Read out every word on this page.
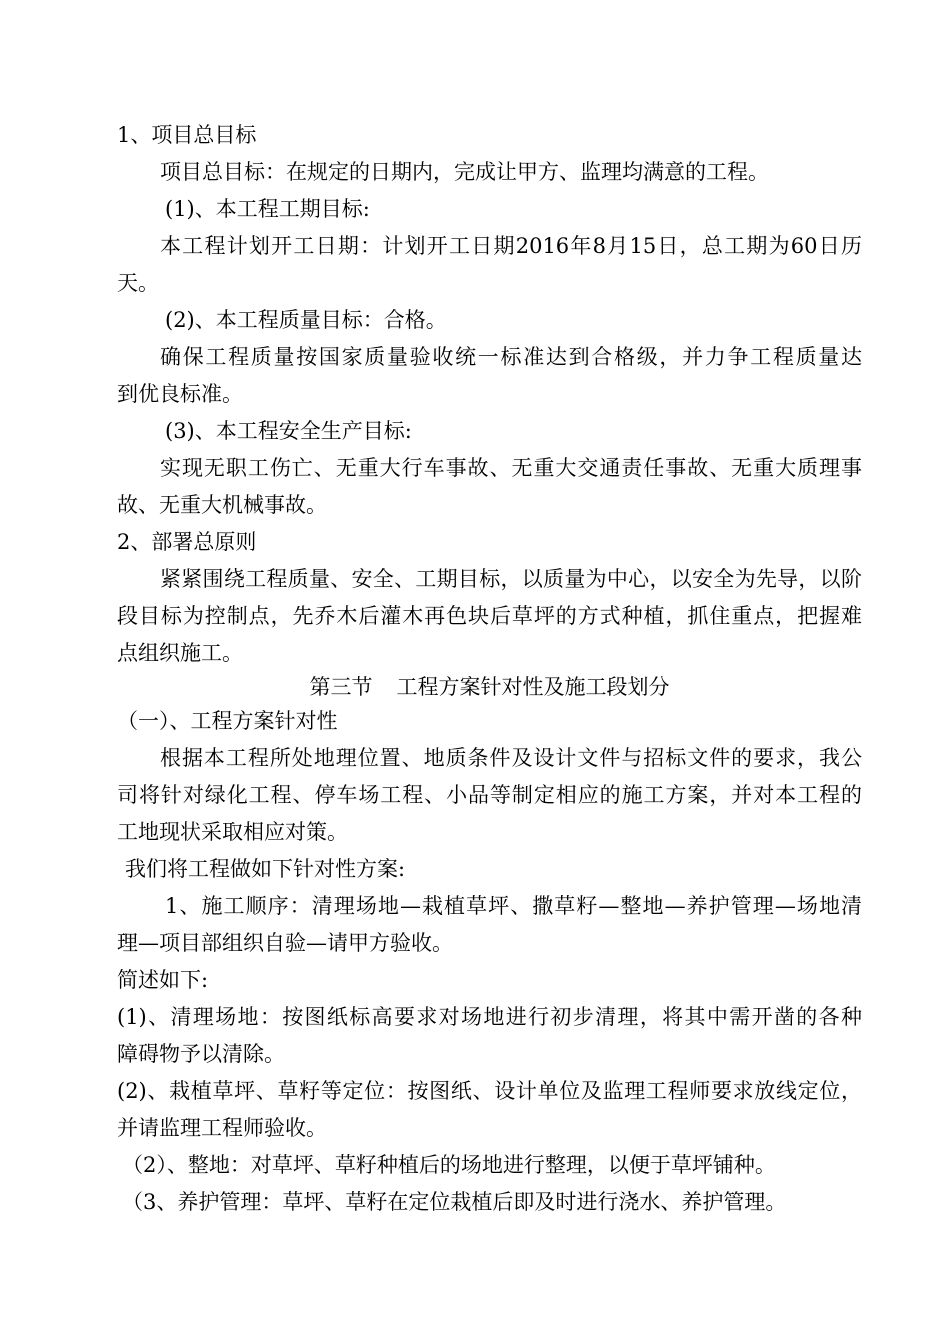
1、项目总目标
项目总目标：在规定的日期内，完成让甲方、监理均满意的工程。
(1)、本工程工期目标:
本工程计划开工日期：计划开工日期2016年8月15日，总工期为60日历
天。
(2)、本工程质量目标：合格。
确保工程质量按国家质量验收统一标准达到合格级，并力争工程质量达
到优良标准。
(3)、本工程安全生产目标:
实现无职工伤亡、无重大行车事故、无重大交通责任事故、无重大质理事
故、无重大机械事故。
2、部署总原则
紧紧围绕工程质量、安全、工期目标，以质量为中心，以安全为先导，以阶
段目标为控制点，先乔木后灌木再色块后草坪的方式种植，抓住重点，把握难
点组织施工。
第三节 工程方案针对性及施工段划分
（一）、工程方案针对性
根据本工程所处地理位置、地质条件及设计文件与招标文件的要求，我公
司将针对绿化工程、停车场工程、小品等制定相应的施工方案，并对本工程的
工地现状采取相应对策。
我们将工程做如下针对性方案:
1、施工顺序：清理场地—栽植草坪、撒草籽—整地—养护管理—场地清
理—项目部组织自验—请甲方验收。
简述如下:
(1)、清理场地：按图纸标高要求对场地进行初步清理，将其中需开凿的各种
障碍物予以清除。
(2)、栽植草坪、草籽等定位：按图纸、设计单位及监理工程师要求放线定位，
并请监理工程师验收。
（2）、整地：对草坪、草籽种植后的场地进行整理，以便于草坪铺种。
（3、养护管理：草坪、草籽在定位栽植后即及时进行浇水、养护管理。
